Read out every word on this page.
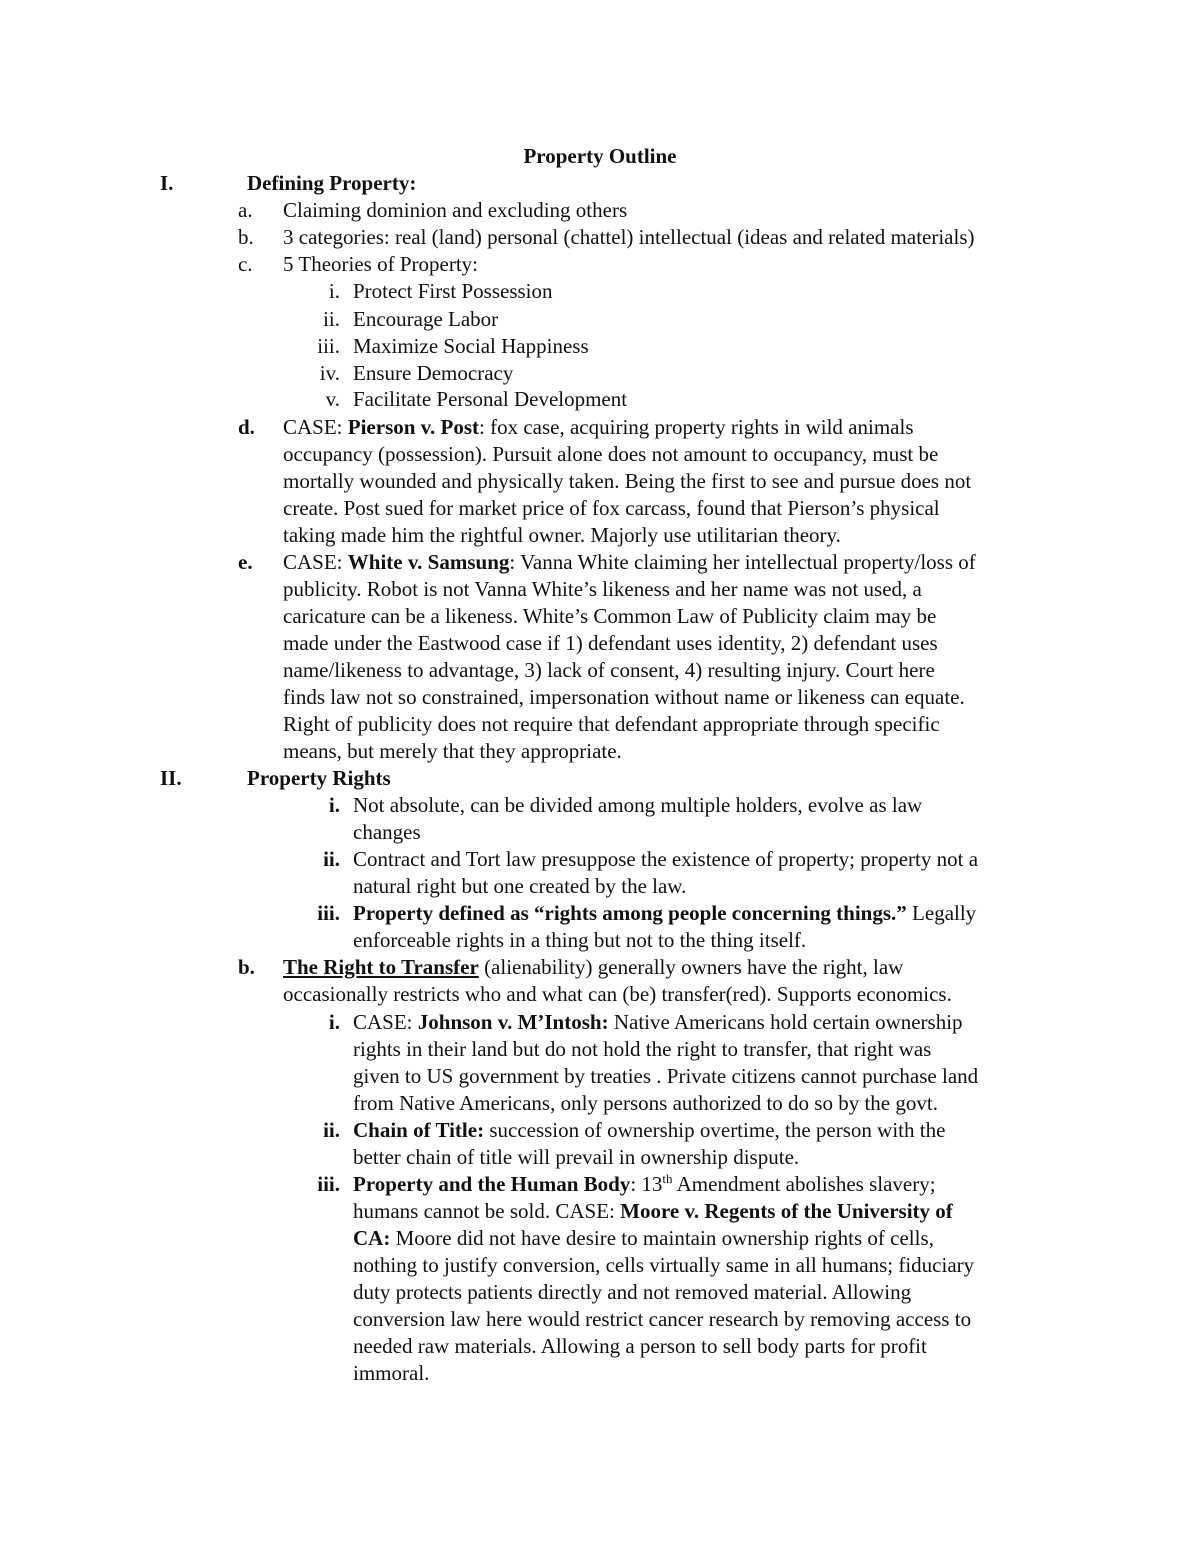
Property Outline
I.	Defining Property:
a.	Claiming dominion and excluding others
b.	3 categories: real (land) personal (chattel) intellectual (ideas and related materials)
c.	5 Theories of Property:
i. Protect First Possession
ii. Encourage Labor
iii. Maximize Social Happiness
iv. Ensure Democracy
v. Facilitate Personal Development
d.	CASE: Pierson v. Post: fox case, acquiring property rights in wild animals
occupancy (possession). Pursuit alone does not amount to occupancy, must be
mortally wounded and physically taken. Being the first to see and pursue does not
create. Post sued for market price of fox carcass, found that Pierson’s physical
taking made him the rightful owner. Majorly use utilitarian theory.
e.	CASE: White v. Samsung: Vanna White claiming her intellectual property/loss of
publicity. Robot is not Vanna White’s likeness and her name was not used, a
caricature can be a likeness. White’s Common Law of Publicity claim may be
made under the Eastwood case if 1) defendant uses identity, 2) defendant uses
name/likeness to advantage, 3) lack of consent, 4) resulting injury. Court here
finds law not so constrained, impersonation without name or likeness can equate.
Right of publicity does not require that defendant appropriate through specific
means, but merely that they appropriate.
II.	Property Rights
i. Not absolute, can be divided among multiple holders, evolve as law
changes
ii. Contract and Tort law presuppose the existence of property; property not a
natural right but one created by the law.
iii. Property defined as “rights among people concerning things.” Legally
enforceable rights in a thing but not to the thing itself.
b.	The Right to Transfer (alienability) generally owners have the right, law
occasionally restricts who and what can (be) transfer(red). Supports economics.
i. CASE: Johnson v. M’Intosh: Native Americans hold certain ownership
rights in their land but do not hold the right to transfer, that right was
given to US government by treaties . Private citizens cannot purchase land
from Native Americans, only persons authorized to do so by the govt.
ii. Chain of Title: succession of ownership overtime, the person with the
better chain of title will prevail in ownership dispute.
iii. Property and the Human Body: 13th Amendment abolishes slavery;
humans cannot be sold. CASE: Moore v. Regents of the University of
CA: Moore did not have desire to maintain ownership rights of cells,
nothing to justify conversion, cells virtually same in all humans; fiduciary
duty protects patients directly and not removed material. Allowing
conversion law here would restrict cancer research by removing access to
needed raw materials. Allowing a person to sell body parts for profit
immoral.
